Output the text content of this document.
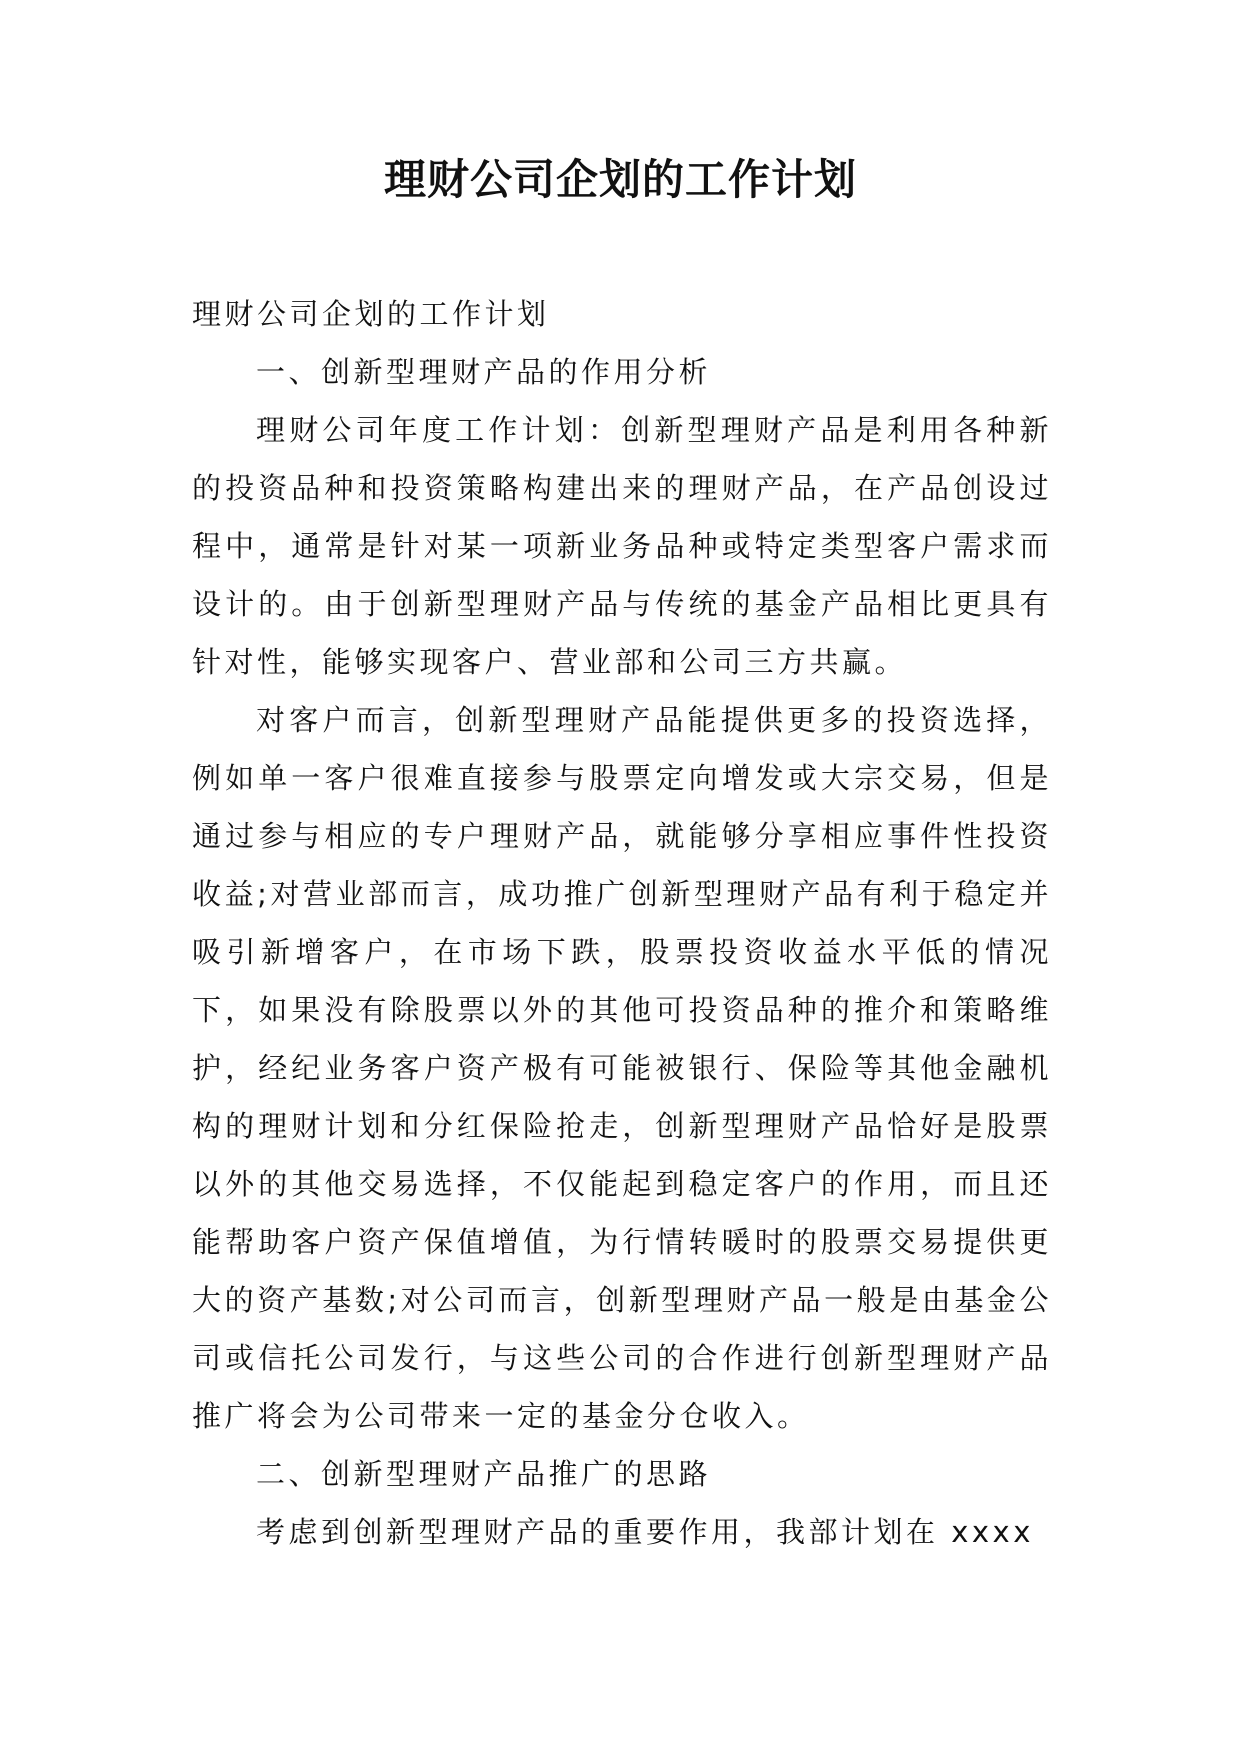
理财公司企划的工作计划

理财公司企划的工作计划

一、创新型理财产品的作用分析

理财公司年度工作计划：创新型理财产品是利用各种新的投资品种和投资策略构建出来的理财产品，在产品创设过程中，通常是针对某一项新业务品种或特定类型客户需求而设计的。由于创新型理财产品与传统的基金产品相比更具有针对性，能够实现客户、营业部和公司三方共赢。

对客户而言，创新型理财产品能提供更多的投资选择，例如单一客户很难直接参与股票定向增发或大宗交易，但是通过参与相应的专户理财产品，就能够分享相应事件性投资收益;对营业部而言，成功推广创新型理财产品有利于稳定并吸引新增客户，在市场下跌，股票投资收益水平低的情况下，如果没有除股票以外的其他可投资品种的推介和策略维护，经纪业务客户资产极有可能被银行、保险等其他金融机构的理财计划和分红保险抢走，创新型理财产品恰好是股票以外的其他交易选择，不仅能起到稳定客户的作用，而且还能帮助客户资产保值增值，为行情转暖时的股票交易提供更大的资产基数;对公司而言，创新型理财产品一般是由基金公司或信托公司发行，与这些公司的合作进行创新型理财产品推广将会为公司带来一定的基金分仓收入。

二、创新型理财产品推广的思路

考虑到创新型理财产品的重要作用，我部计划在 xxxx
